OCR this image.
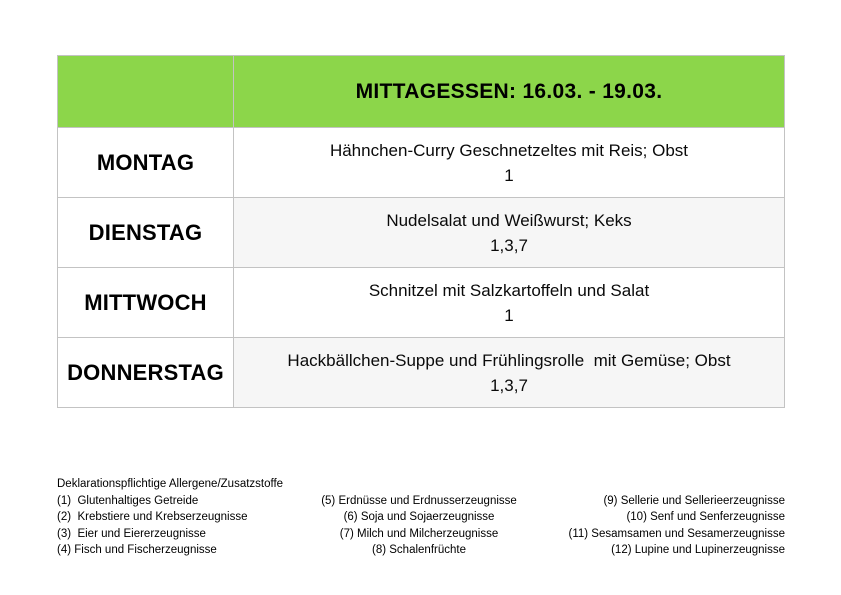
	MITTAGESSEN: 16.03. - 19.03.
MONTAG	Hähnchen-Curry Geschnetzeltes mit Reis; Obst
1

DIENSTAG	Nudelsalat und Weißwurst; Keks
1,3,7

MITTWOCH	Schnitzel mit Salzkartoffeln und Salat
1

DONNERSTAG	Hackbällchen-Suppe und Frühlingsrolle  mit Gemüse; Obst
1,3,7
Deklarationspflichtige Allergene/Zusatzstoffe
(1)  Glutenhaltiges Getreide
(2)  Krebstiere und Krebserzeugnisse
(3)  Eier und Eiererzeugnisse
(4) Fisch und Fischerzeugnisse
(5) Erdnüsse und Erdnusserzeugnisse
(6) Soja und Sojaerzeugnisse
(7) Milch und Milcherzeugnisse
(8) Schalenfrüchte
(9) Sellerie und Sellerieerzeugnisse
(10) Senf und Senferzeugnisse
(11) Sesamsamen und Sesamerzeugnisse
(12) Lupine und Lupinerzeugnisse
